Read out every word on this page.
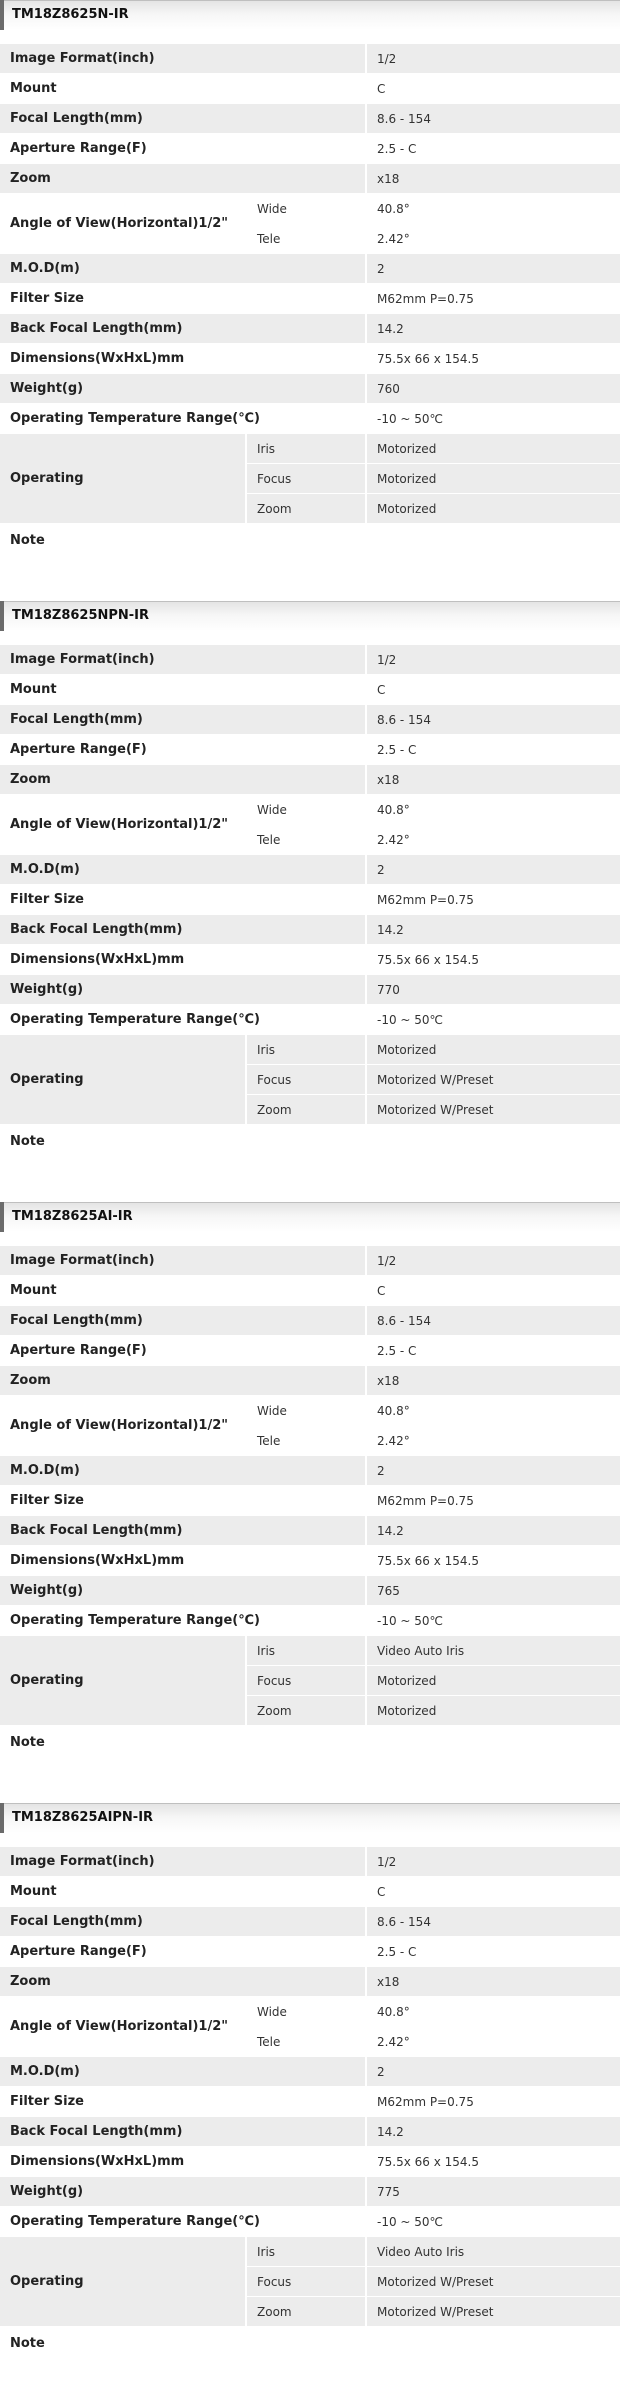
TM18Z8625N-IR
Image Format(inch)		1/2
Mount		C
Focal Length(mm)		8.6 - 154
Aperture Range(F)		2.5 - C
Zoom		x18
Angle of View(Horizontal)1/2"	Wide	40.8°
	Tele	2.42°
M.O.D(m)		2
Filter Size		M62mm P=0.75
Back Focal Length(mm)		14.2
Dimensions(WxHxL)mm		75.5x 66 x 154.5
Weight(g)		760
Operating Temperature Range(℃)		-10 ~ 50℃
Operating	Iris	Motorized
	Focus	Motorized
	Zoom	Motorized
Note		
TM18Z8625NPN-IR
Image Format(inch)		1/2
Mount		C
Focal Length(mm)		8.6 - 154
Aperture Range(F)		2.5 - C
Zoom		x18
Angle of View(Horizontal)1/2"	Wide	40.8°
	Tele	2.42°
M.O.D(m)		2
Filter Size		M62mm P=0.75
Back Focal Length(mm)		14.2
Dimensions(WxHxL)mm		75.5x 66 x 154.5
Weight(g)		770
Operating Temperature Range(℃)		-10 ~ 50℃
Operating	Iris	Motorized
	Focus	Motorized W/Preset
	Zoom	Motorized W/Preset
Note		
TM18Z8625AI-IR
Image Format(inch)		1/2
Mount		C
Focal Length(mm)		8.6 - 154
Aperture Range(F)		2.5 - C
Zoom		x18
Angle of View(Horizontal)1/2"	Wide	40.8°
	Tele	2.42°
M.O.D(m)		2
Filter Size		M62mm P=0.75
Back Focal Length(mm)		14.2
Dimensions(WxHxL)mm		75.5x 66 x 154.5
Weight(g)		765
Operating Temperature Range(℃)		-10 ~ 50℃
Operating	Iris	Video Auto Iris
	Focus	Motorized
	Zoom	Motorized
Note		
TM18Z8625AIPN-IR
Image Format(inch)		1/2
Mount		C
Focal Length(mm)		8.6 - 154
Aperture Range(F)		2.5 - C
Zoom		x18
Angle of View(Horizontal)1/2"	Wide	40.8°
	Tele	2.42°
M.O.D(m)		2
Filter Size		M62mm P=0.75
Back Focal Length(mm)		14.2
Dimensions(WxHxL)mm		75.5x 66 x 154.5
Weight(g)		775
Operating Temperature Range(℃)		-10 ~ 50℃
Operating	Iris	Video Auto Iris
	Focus	Motorized W/Preset
	Zoom	Motorized W/Preset
Note		
